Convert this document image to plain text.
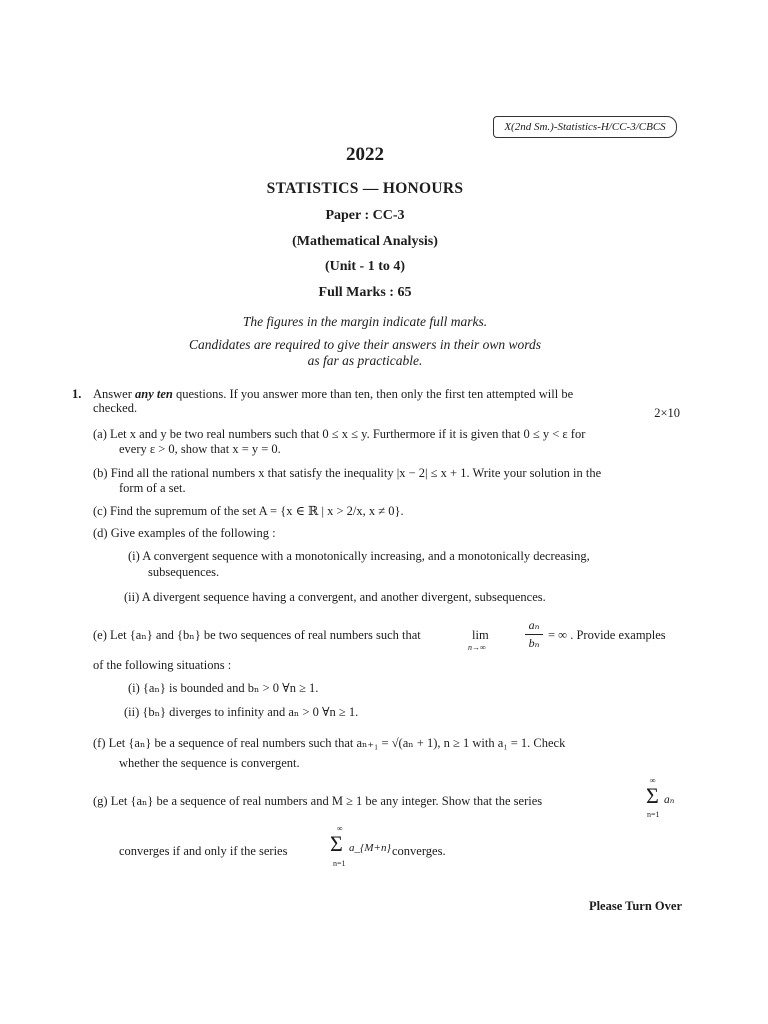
X(2nd Sm.)-Statistics-H/CC-3/CBCS
2022
STATISTICS — HONOURS
Paper : CC-3
(Mathematical Analysis)
(Unit - 1 to 4)
Full Marks : 65
The figures in the margin indicate full marks.
Candidates are required to give their answers in their own words
as far as practicable.
1. Answer any ten questions. If you answer more than ten, then only the first ten attempted will be
checked.	2×10
(a) Let x and y be two real numbers such that 0 ≤ x ≤ y. Furthermore if it is given that 0 ≤ y < ε for
every ε > 0, show that x = y = 0.
(b) Find all the rational numbers x that satisfy the inequality |x − 2| ≤ x + 1. Write your solution in the
form of a set.
(c) Find the supremum of the set A = {x ∈ ℝ | x > 2/x, x ≠ 0}.
(d) Give examples of the following :
(i) A convergent sequence with a monotonically increasing, and a monotonically decreasing,
subsequences.
(ii) A divergent sequence having a convergent, and another divergent, subsequences.
(e) Let {aₙ} and {bₙ} be two sequences of real numbers such that	lim
n→∞
aₙ
bₙ
= ∞ . Provide examples
of the following situations :
(i) {aₙ} is bounded and bₙ > 0 ∀n ≥ 1.
(ii) {bₙ} diverges to infinity and aₙ > 0 ∀n ≥ 1.
(f) Let {aₙ} be a sequence of real numbers such that aₙ₊₁ = √(aₙ + 1), n ≥ 1 with a₁ = 1. Check
whether the sequence is convergent.
(g) Let {aₙ} be a sequence of real numbers and M ≥ 1 be any integer. Show that the series
∞
Σ aₙ
n=1
converges if and only if the series
∞
Σ a_{M+n}
n=1
converges.
Please Turn Over
